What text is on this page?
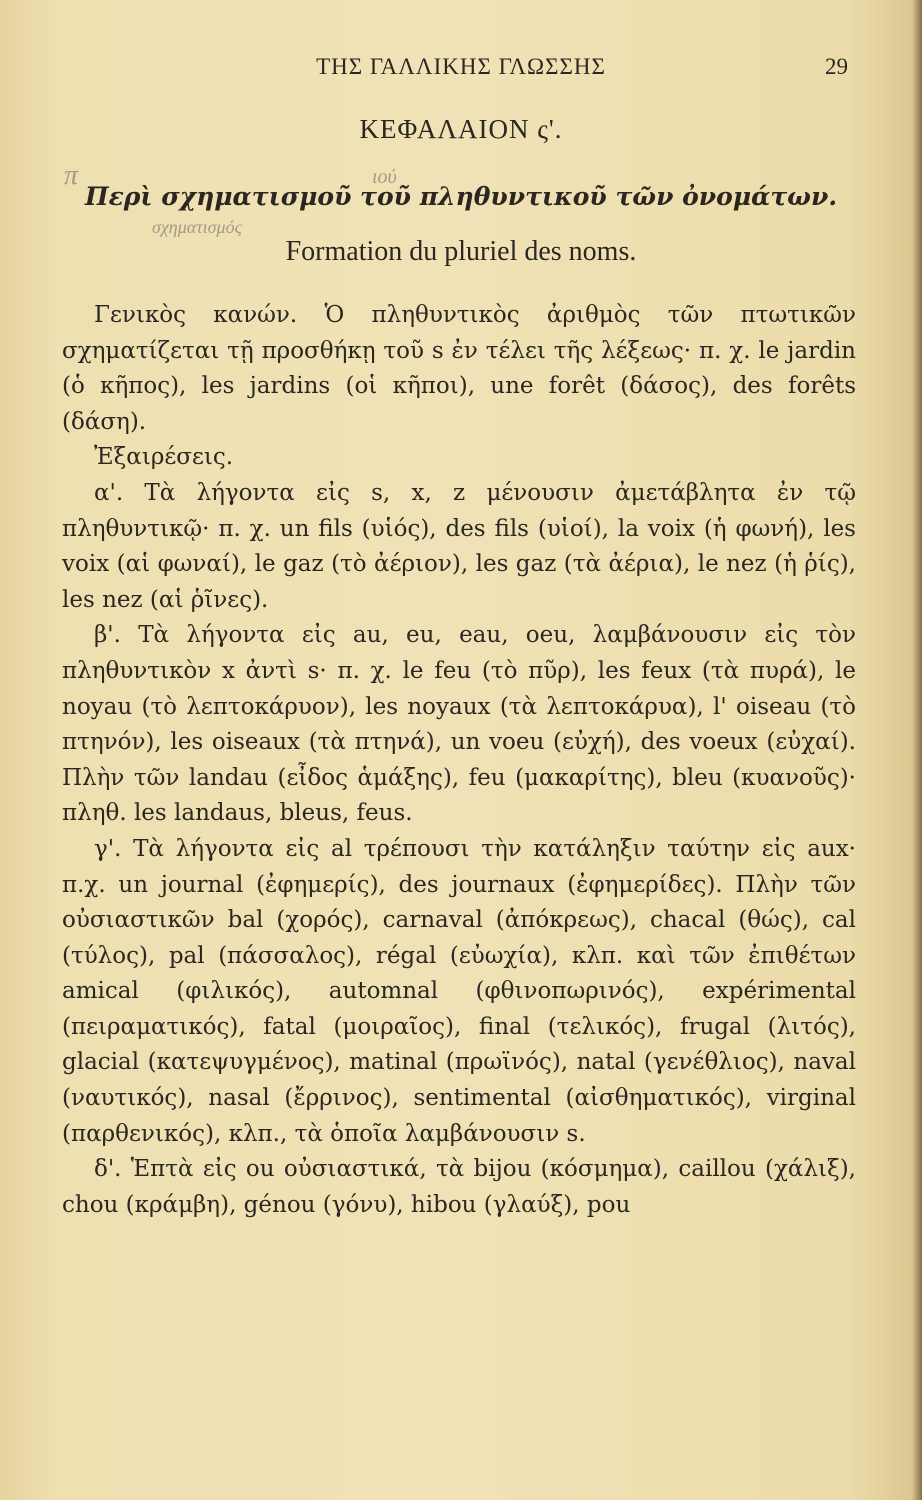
ΤΗΣ ΓΑΛΛΙΚΗΣ ΓΛΩΣΣΗΣ	29
ΚΕΦΑΛΑΙΟΝ ς'.
π	ιού
Περὶ σχηματισμοῦ τοῦ πληθυντικοῦ τῶν ὀνομάτων.
σχηματισμός
Formation du pluriel des noms.

Γενικὸς κανών. Ὁ πληθυντικὸς ἀριθμὸς τῶν πτωτικῶν σχηματίζεται τῇ προσθήκῃ τοῦ s ἐν τέλει τῆς λέξεως· π. χ. le jardin (ὁ κῆπος), les jardins (οἱ κῆποι), une forêt (δάσος), des forêts (δάση).

Ἐξαιρέσεις.

α'. Τὰ λήγοντα εἰς s, x, z μένουσιν ἀμετάβλητα ἐν τῷ πληθυντικῷ· π. χ. un fils (υἱός), des fils (υἱοί), la voix (ἡ φωνή), les voix (αἱ φωναί), le gaz (τὸ ἀέριον), les gaz (τὰ ἀέρια), le nez (ἡ ῥίς), les nez (αἱ ῥῖνες).

β'. Τὰ λήγοντα εἰς au, eu, eau, oeu, λαμβάνουσιν εἰς τὸν πληθυντικὸν x ἀντὶ s· π. χ. le feu (τὸ πῦρ), les feux (τὰ πυρά), le noyau (τὸ λεπτοκάρυον), les noyaux (τὰ λεπτοκάρυα), l' oiseau (τὸ πτηνόν), les oiseaux (τὰ πτηνά), un voeu (εὐχή), des voeux (εὐχαί). Πλὴν τῶν landau (εἶδος ἁμάξης), feu (μακαρίτης), bleu (κυανοῦς)· πληθ. les landaus, bleus, feus.

γ'. Τὰ λήγοντα εἰς al τρέπουσι τὴν κατάληξιν ταύτην εἰς aux· π.χ. un journal (ἐφημερίς), des journaux (ἐφημερίδες). Πλὴν τῶν οὐσιαστικῶν bal (χορός), carnaval (ἀπόκρεως), chacal (θώς), cal (τύλος), pal (πάσσαλος), régal (εὐωχία), κλπ. καὶ τῶν ἐπιθέτων amical (φιλικός), automnal (φθινοπωρινός), expérimental (πειραματικός), fatal (μοιραῖος), final (τελικός), frugal (λιτός), glacial (κατεψυγμένος), matinal (πρωϊνός), natal (γενέθλιος), naval (ναυτικός), nasal (ἔρρινος), sentimental (αἰσθηματικός), virginal (παρθενικός), κλπ., τὰ ὁποῖα λαμβάνουσιν s.

δ'. Ἑπτὰ εἰς ou οὐσιαστικά, τὰ bijou (κόσμημα), caillou (χάλιξ), chou (κράμβη), génou (γόνυ), hibou (γλαύξ), pou
